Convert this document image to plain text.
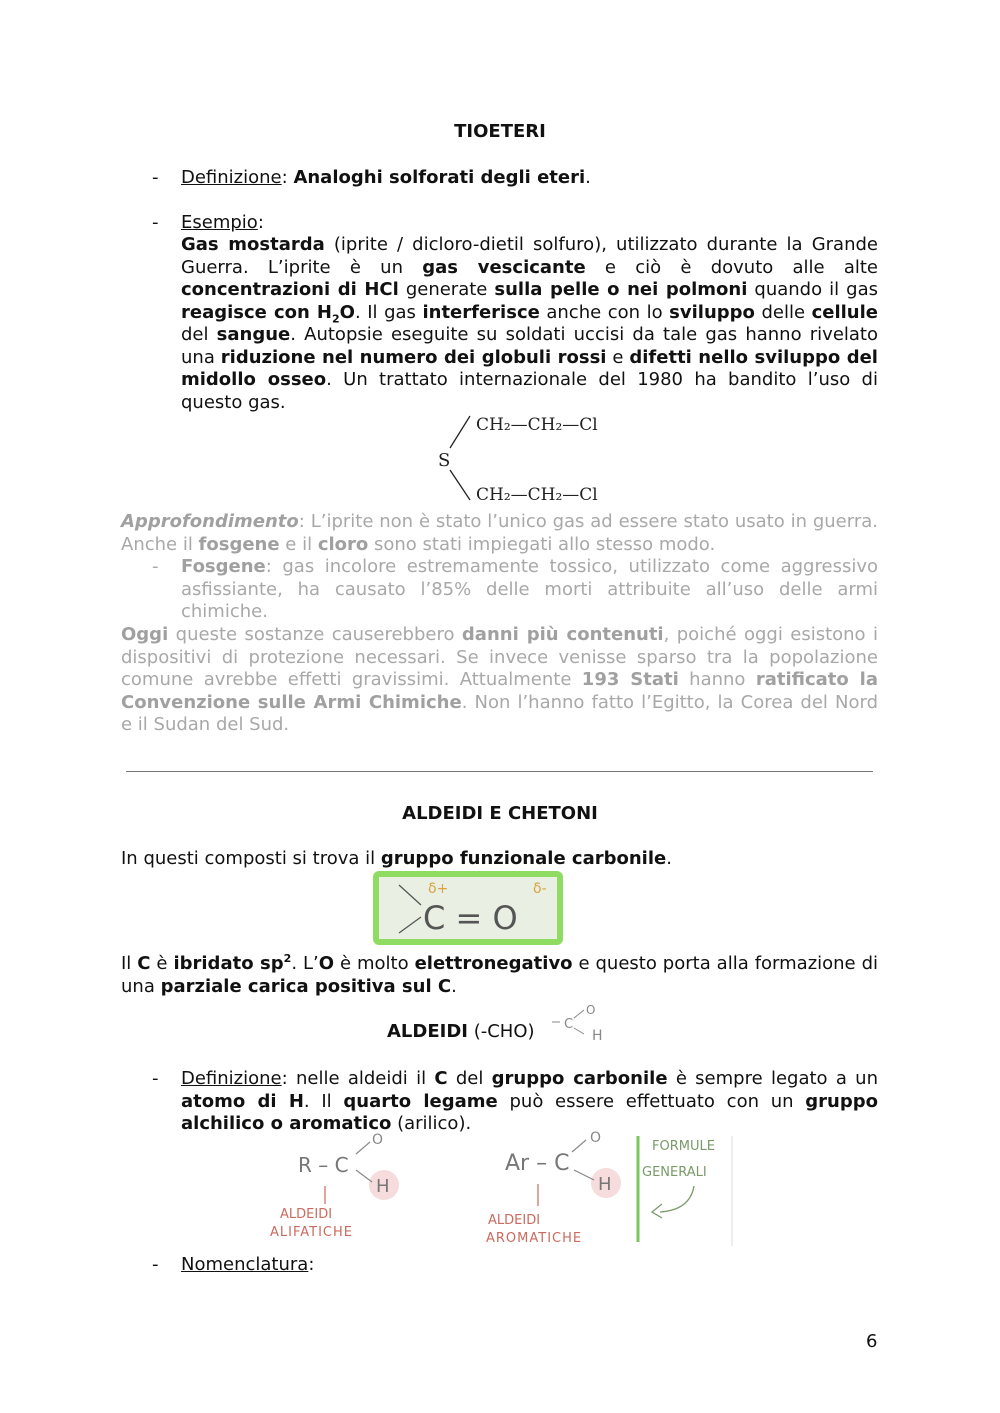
TIOETERI
- Definizione: Analoghi solforati degli eteri.
- Esempio:
Gas mostarda (iprite / dicloro-dietil solfuro), utilizzato durante la Grande Guerra. L’iprite è un gas vescicante e ciò è dovuto alle alte concentrazioni di HCl generate sulla pelle o nei polmoni quando il gas reagisce con $H_2O$. Il gas interferisce anche con lo sviluppo delle cellule del sangue. Autopsie eseguite su soldati uccisi da tale gas hanno rivelato una riduzione nel numero dei globuli rossi e difetti nello sviluppo del midollo osseo. Un trattato internazionale del 1980 ha bandito l’uso di questo gas.
S
CH₂—CH₂—Cl
CH₂—CH₂—Cl
Approfondimento: L’iprite non è stato l’unico gas ad essere stato usato in guerra. Anche il fosgene e il cloro sono stati impiegati allo stesso modo.
- Fosgene: gas incolore estremamente tossico, utilizzato come aggressivo asfissiante, ha causato l’85% delle morti attribuite all’uso delle armi chimiche.
Oggi queste sostanze causerebbero danni più contenuti, poiché oggi esistono i dispositivi di protezione necessari. Se invece venisse sparso tra la popolazione comune avrebbe effetti gravissimi. Attualmente 193 Stati hanno ratificato la Convenzione sulle Armi Chimiche. Non l’hanno fatto l’Egitto, la Corea del Nord e il Sudan del Sud.
ALDEIDI E CHETONI
In questi composti si trova il gruppo funzionale carbonile.
C = O
δ+	δ-
Il C è ibridato $sp^2$. L’O è molto elettronegativo e questo porta alla formazione di una parziale carica positiva sul C.
ALDEIDI (-CHO) C
O
H
- Definizione: nelle aldeidi il C del gruppo carbonile è sempre legato a un atomo di H. Il quarto legame può essere effettuato con un gruppo alchilico o aromatico (arilico).
R – C
O
H
ALDEIDI
ALIFATICHE
Ar – C
O
H
ALDEIDI
AROMATICHE
FORMULE
GENERALI
- Nomenclatura:
6
